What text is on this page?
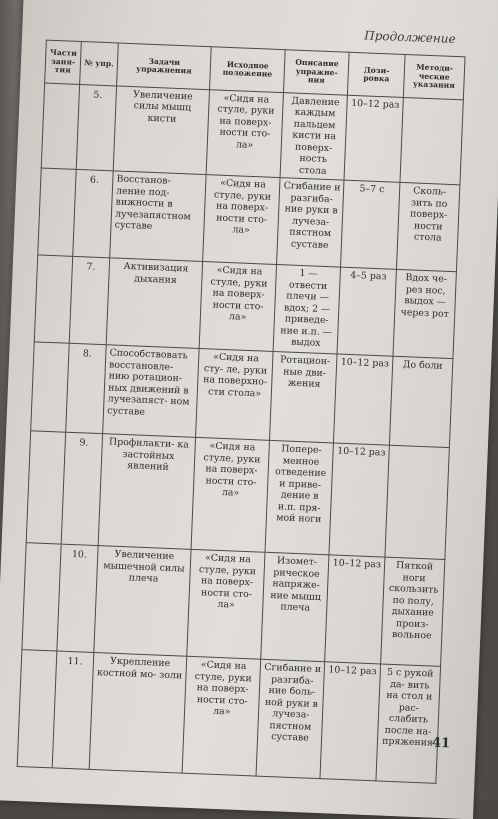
Продолжение
Части заня- тия	№ упр.	Задачи упражнения	Исходное положение	Описание упражне- ния	Дози- ровка	Методи- ческие указания
	5.	Увеличение силы мышц кисти	«Сидя на стуле, руки на поверх- ности сто- ла»	Давление каждым пальцем кисти на поверх- ность стола	10–12 раз	
	6.	Восстанов- ление под- вижности в лучезапястном суставе	«Сидя на стуле, руки на поверх- ности сто- ла»	Сгибание и разгиба- ние руки в лучеза- пястном суставе	5–7 с	Сколь- зить по поверх- ности стола
	7.	Активизация дыхания	«Сидя на стуле, руки на поверх- ности сто- ла»	1 — отвести плечи — вдох; 2 — приведе- ние и.п. — выдох	4–5 раз	Вдох че- рез нос, выдох — через рот
	8.	Способствовать восстановле- нию ротацион- ных движений в лучезапяст- ном суставе	«Сидя на сту- ле, руки на поверхно- сти стола»	Ротацион- ные дви- жения	10–12 раз	До боли
	9.	Профилакти- ка застойных явлений	«Сидя на стуле, руки на поверх- ности сто- ла»	Попере- менное отведение и приве- дение в и.п. пря- мой ноги	10–12 раз	
	10.	Увеличение мышечной силы плеча	«Сидя на стуле, руки на поверх- ности сто- ла»	Изомет- рическое напряже- ние мышц плеча	10–12 раз	Пяткой ноги скользить по полу, дыхание произ- вольное
	11.	Укрепление костной мо- золи	«Сидя на стуле, руки на поверх- ности сто- ла»	Сгибание и разгиба- ние боль- ной руки в лучеза- пястном суставе	10–12 раз	5 с рукой да- вить на стол и рас- слабить после на- пряжения
41
